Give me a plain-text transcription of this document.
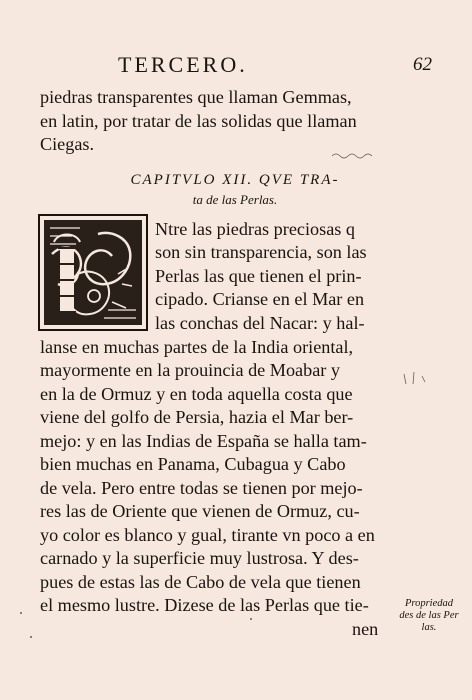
TERCERO.	62
piedras transparentes que llaman Gemmas,
en latin, por tratar de las solidas que llaman
Ciegas.
CAPITVLO XII. QVE TRA-
ta de las Perlas.
Ntre las piedras preciosas q
son sin transparencia, son las
Perlas las que tienen el prin-
cipado. Crianse en el Mar en
las conchas del Nacar: y hal-
lanse en muchas partes de la India oriental,
mayormente en la prouincia de Moabar y
en la de Ormuz y en toda aquella costa que
viene del golfo de Persia, hazia el Mar ber-
mejo: y en las Indias de España se halla tam-
bien muchas en Panama, Cubagua y Cabo
de vela. Pero entre todas se tienen por mejo-
res las de Oriente que vienen de Ormuz, cu-
yo color es blanco y gual, tirante vn poco a en
carnado y la superficie muy lustrosa. Y des-
pues de estas las de Cabo de vela que tienen
el mesmo lustre. Dizese de las Perlas que tie-
nen
Propriedad
des de las Per
las.
